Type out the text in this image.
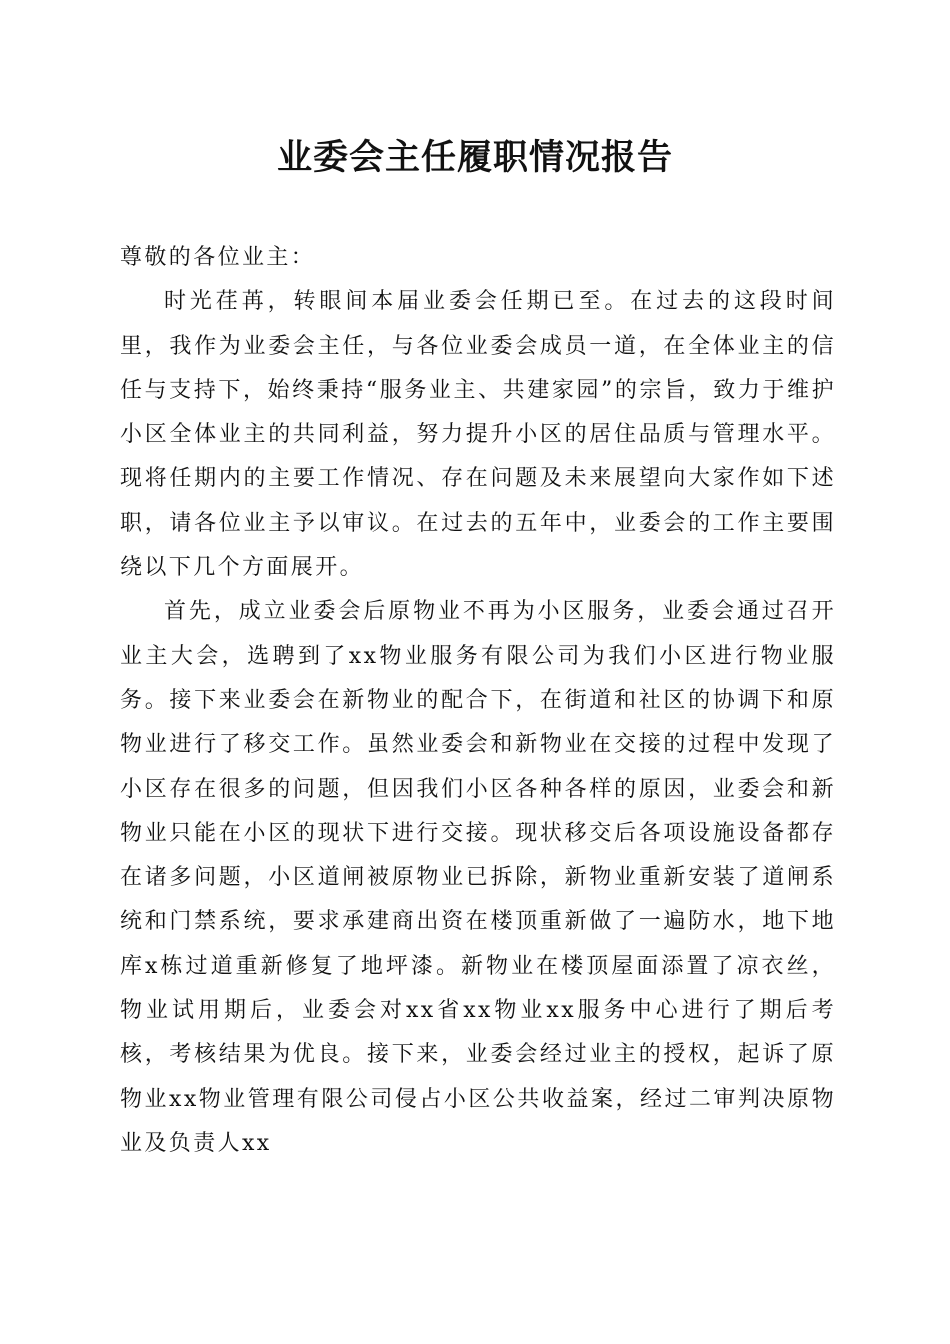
业委会主任履职情况报告

尊敬的各位业主：

时光荏苒，转眼间本届业委会任期已至。在过去的这段时间里，我作为业委会主任，与各位业委会成员一道，在全体业主的信任与支持下，始终秉持“服务业主、共建家园”的宗旨，致力于维护小区全体业主的共同利益，努力提升小区的居住品质与管理水平。现将任期内的主要工作情况、存在问题及未来展望向大家作如下述职，请各位业主予以审议。在过去的五年中，业委会的工作主要围绕以下几个方面展开。

首先，成立业委会后原物业不再为小区服务，业委会通过召开业主大会，选聘到了xx物业服务有限公司为我们小区进行物业服务。接下来业委会在新物业的配合下，在街道和社区的协调下和原物业进行了移交工作。虽然业委会和新物业在交接的过程中发现了小区存在很多的问题，但因我们小区各种各样的原因，业委会和新物业只能在小区的现状下进行交接。现状移交后各项设施设备都存在诸多问题，小区道闸被原物业已拆除，新物业重新安装了道闸系统和门禁系统，要求承建商出资在楼顶重新做了一遍防水，地下地库x栋过道重新修复了地坪漆。新物业在楼顶屋面添置了凉衣丝，物业试用期后，业委会对xx省xx物业xx服务中心进行了期后考核，考核结果为优良。接下来，业委会经过业主的授权，起诉了原物业xx物业管理有限公司侵占小区公共收益案，经过二审判决原物业及负责人xx
